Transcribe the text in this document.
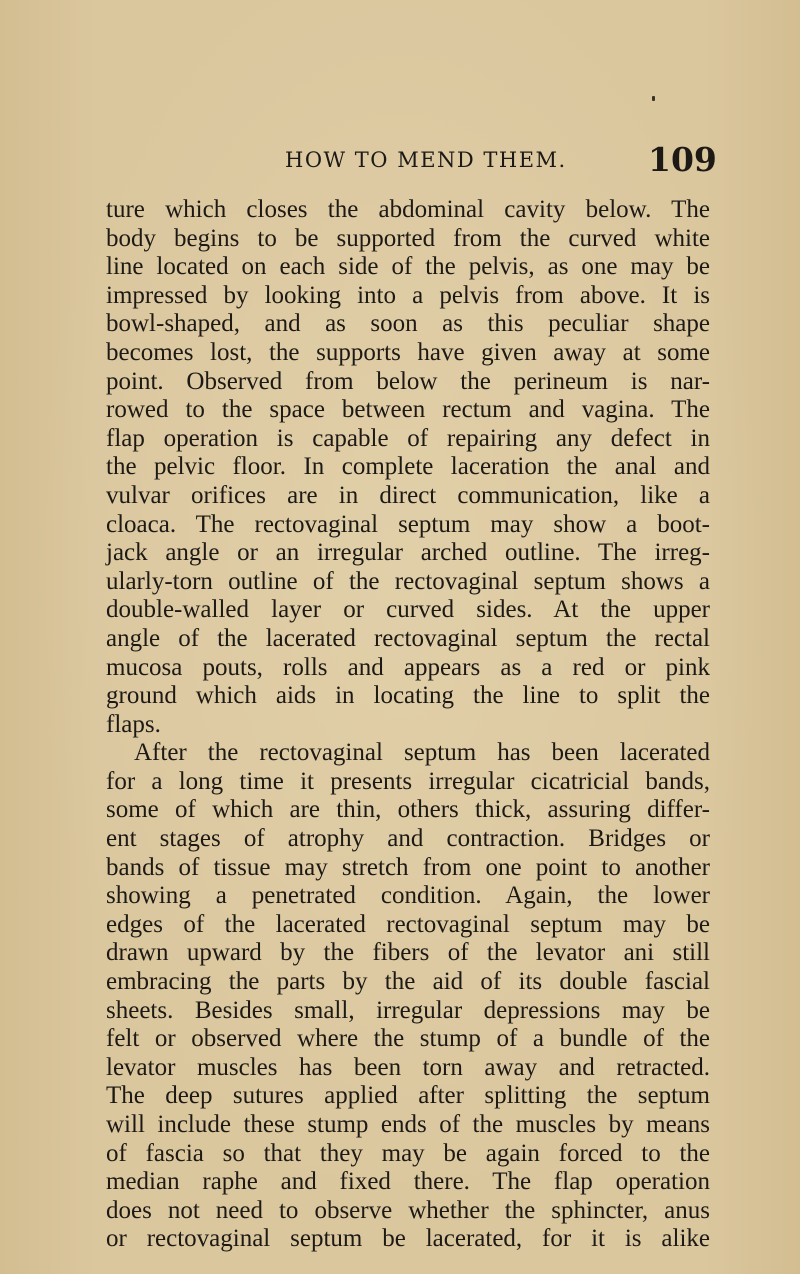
HOW TO MEND THEM. 109
ture which closes the abdominal cavity below. The
body begins to be supported from the curved white
line located on each side of the pelvis, as one may be
impressed by looking into a pelvis from above. It is
bowl-shaped, and as soon as this peculiar shape
becomes lost, the supports have given away at some
point. Observed from below the perineum is nar-
rowed to the space between rectum and vagina. The
flap operation is capable of repairing any defect in
the pelvic floor. In complete laceration the anal and
vulvar orifices are in direct communication, like a
cloaca. The rectovaginal septum may show a boot-
jack angle or an irregular arched outline. The irreg-
ularly-torn outline of the rectovaginal septum shows a
double-walled layer or curved sides. At the upper
angle of the lacerated rectovaginal septum the rectal
mucosa pouts, rolls and appears as a red or pink
ground which aids in locating the line to split the
flaps.
After the rectovaginal septum has been lacerated
for a long time it presents irregular cicatricial bands,
some of which are thin, others thick, assuring differ-
ent stages of atrophy and contraction. Bridges or
bands of tissue may stretch from one point to another
showing a penetrated condition. Again, the lower
edges of the lacerated rectovaginal septum may be
drawn upward by the fibers of the levator ani still
embracing the parts by the aid of its double fascial
sheets. Besides small, irregular depressions may be
felt or observed where the stump of a bundle of the
levator muscles has been torn away and retracted.
The deep sutures applied after splitting the septum
will include these stump ends of the muscles by means
of fascia so that they may be again forced to the
median raphe and fixed there. The flap operation
does not need to observe whether the sphincter, anus
or rectovaginal septum be lacerated, for it is alike
